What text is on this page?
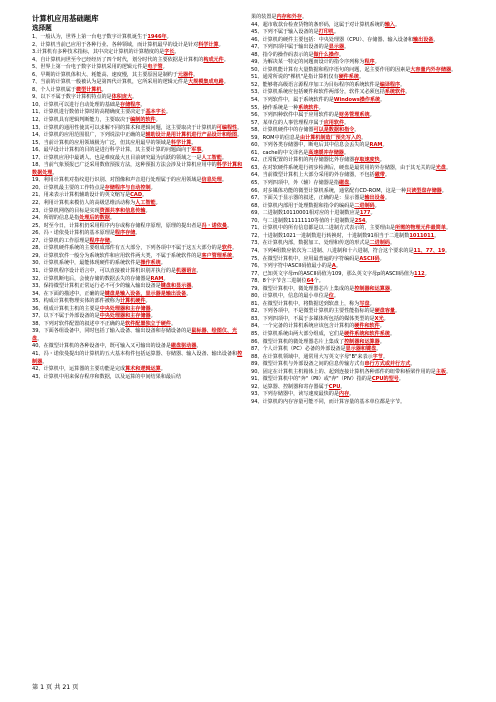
计算机应用基础题库
选择题

1、一般认为，世界上第一台电子数字计算机诞生于1946年。

2、计算机当前已应用于各种行业、各种领域，而计算机最早的设计是针对科学计算。

3.计算机有多种技术指标，其中决定计算机的计算精度的是字长。

4、自计算机问世至今已经经历了四个时代，划分时代的主要依据是计算机的构成元件。

5、世界上第一台电子数字计算机采用的逻辑元件是电子管。

6、早期的计算机体积大、耗能高、速度慢，其主要原因是制约于元器件。

7、当前的计算机一般被认为是第四代计算机，它所采用的逻辑元件是大规模集成电路。

8、个人计算机属于微型计算机。

9、以下不属于数字计算机特点的是体积庞大。

10、计算机可以进行自动处理的基础是存储程序。

11、计算机进行数值计算时的高精确度主要决定于基本字长。

12、计算机具有逻辑判断能力，主要取决于编制的软件。

13、计算机的通用性使其可以求解不同的算术和逻辑问题，这主要取决于计算机的可编程性。

14、计算机的应用范围很广，下列说法中正确的是辅助设计是用计算机进行产品设计和绘图。

15、当前计算机的应用领域极为广泛，但其应用最早的领域是科学计算。

16、最早设计计算机的目的是进行科学计算，其主要计算的问题面向于军事。

17、计算机应用中最诱人、也是难度最大且目前研究最为活跃的领域之一是人工智能。

18、当前气象预报已广泛采用数值预报方法，这种预报方法会涉及计算机应用中的科学计算和数据处理。

19、利用计算机对指纹进行识别、对图像和声音进行处理属于的应用领域是信息处理。

20、计算机最主要的工作特点是存储程序与自动控制。

21、用来表示计算机辅助设计的英文缩写是CAD。

22、利用计算机来模仿人的高级思维活动称为人工智能。

23、计算机网络的目标是实现资源共享和信息传输。

24、所谓的信息是指处理后的数据。

25、时至今日，计算机仍采用程序内存或称存储程序原理，原理的提出者是冯・诺依曼。

26、冯・诺依曼计算机的基本原理是程序存储。

27、计算机的工作原理是程序存储。

28、计算机硬件系统的主要组成部件有五大部分，下列各项中不属于这五大部分的是软件。

29、计算机软件一般分为系统软件和应用软件两大类，不属于系统软件的是客户管理系统。

30、计算机系统中，最能体现硬件的系统软件是操作系统。

31、计算机程序设计语言中，可以直接被计算机识别并执行的是机器语言。

32、计算机断电后，会使存储的数据丢失的存储器是RAM。

33、保持微型计算机正常运行必不可少的输入输出设备是键盘和显示器。

34、在下面的描述中，正确的是键盘是输入设备，显示器是输出设备。

35、构成计算机物理实体的部件被称为计算机硬件。

36、组成计算机主机的主要是中央处理器和主存储器。

37、以下不属于外部设备的是中央处理器和主存储器。

38、下列对软件配置的叙述中不正确的是软件配置独立于硬件。

39、下面各组设备中，同时包括了输入设备、输出设备和存储设备的是鼠标器、绘图仪、光盘。

40、在微型计算机的各种设备中，既可输入又可输出的设备是磁盘驱动器。

41、冯・诺依曼提出的计算机的五大基本构件包括运算器、存储器、输入设备、输出设备和控制器。

42、计算机中，运算器的主要功能是完成算术和逻辑运算。

43、计算机中用来保存程序和数据，以及运算的中间结果和最后结

果的装置是内存和外存。

44、超市收款台检查货物的条形码，这属于对计算机系统的输入。

45、下列不属于输入设备的是打印机。

46、计算机的硬件主要包括：中央处理器（CPU）、存储器、输入设备和输出设备。

47、下列四项中属于输出设备的是显示器。

48、指令的操作码表示的是做什么操作。

49、为解决某一特定的问题而设计的指令序列称为程序。

50、计算机能计算有大量数据和程序语句的问题，起主要作用的因素是大容量内外存储器。

51、通常所说的"裸机"是指计算机仅有硬件系统。

52、能够将高级语言源程序加工为目标程序的系统软件是编译程序。

53、计算机系统应包括硬件和软件两部分，软件又必须包括系统软件。

54、下列软件中，属于系统软件的是Windows操作系统。

55、操作系统是一种系统软件。

56、下列四种软件中属于应用软件的是财务管理系统。

57、某单位的人事管理程序属于应用软件。

58、计算机硬件中的存储器可以是数据和指令。

59、ROM中的信息是由计算机制造厂预先写入的。

60、下列各类存储器中，断电后其中信息会丢失的是RAM。

61、cache的中文译名是高速缓冲存储器。

62、正常配置的计算机的内存储器比外存储器存取速度快。

63、在对软硬件系统进行初步检测后，硬盘是最常用的外存储器，由于其无关的是光盘。

64、当前微型计算机上大部分采用的外存储器，不包括磁带。

65、下列四项中，外（辅）存储器是指磁盘。

66、对多媒体功能的微型计算机系统，通常配有CD-ROM，这是一种只读型盘存储器。

67、下面关于显示器的叙述，正确的是：显示器是输出设备。

68、计算机内部用于处理数据和指令的编码是二进制码。

69、二进制数10110001相对应的十进制数应是177。

70、与二进制数11111110等值的十进制数是254。

71、计算机中的所有信息都是以二进制方式表示的，主要理由是所需的物理元件最简单。

72、十进制数1021一进制数进行转换时，十进制数91相当于二进制数1011011。

73、在计算机内部，数据加工、处理和传送的形式是二进制码。

74、下列4组数应依次为二进制、八进制和十六进制，符合这个要求的是11、77、19。

75、在微型计算机中，应用最普遍的字符编码是ASCII码。

76、下列字符中ASCII码值最小的是A。

77、已知英文字母m的ASCII码值为109，那么英文字母p的ASCII码值为112。

78、8个字节含二进制位64个。

79、微型计算机中，微处理器芯片上集成的是控制器和运算器。

80、计算机中，信息的最小单位是位。

81、在微型计算机中，将数据送到软盘上，称为写盘。

82、下列各项中，不是微型计算机的主要性能指标的是硬盘容量。

83、下列四项中，不属于多媒体所包括的媒体类型的是X光。

84、一个完备的计算机系统应该包含计算机的硬件和软件。

85、计算机系统由两大部分组成，它们是硬件系统和软件系统。

86、微型计算机的微处理器芯片上集成了控制器和运算器。

87、个人计算机（PC）必备的外部设备是显示器和键盘。

88、在计算机领域中，通常用大写英文字母"B"来表示字节。

89、微型计算机与外部设备之间的信息传输方式有串行方式或并行方式。

90、固定在计算机主机箱体上的、起到连接计算机各种部件的纽带和桥梁作用的是主板。

91、微型计算机中的"奔"（PⅡ）或"奔"（PⅣ）指的是CPU的型号。

92、运算器、控制器和寄存器属于CPU。

93、下列存储器中，读写速度最快的是内存。

94、计算机的内存容量可能不同，而计算容量的基本单位都是字节。

第 1 页 共 21 页
